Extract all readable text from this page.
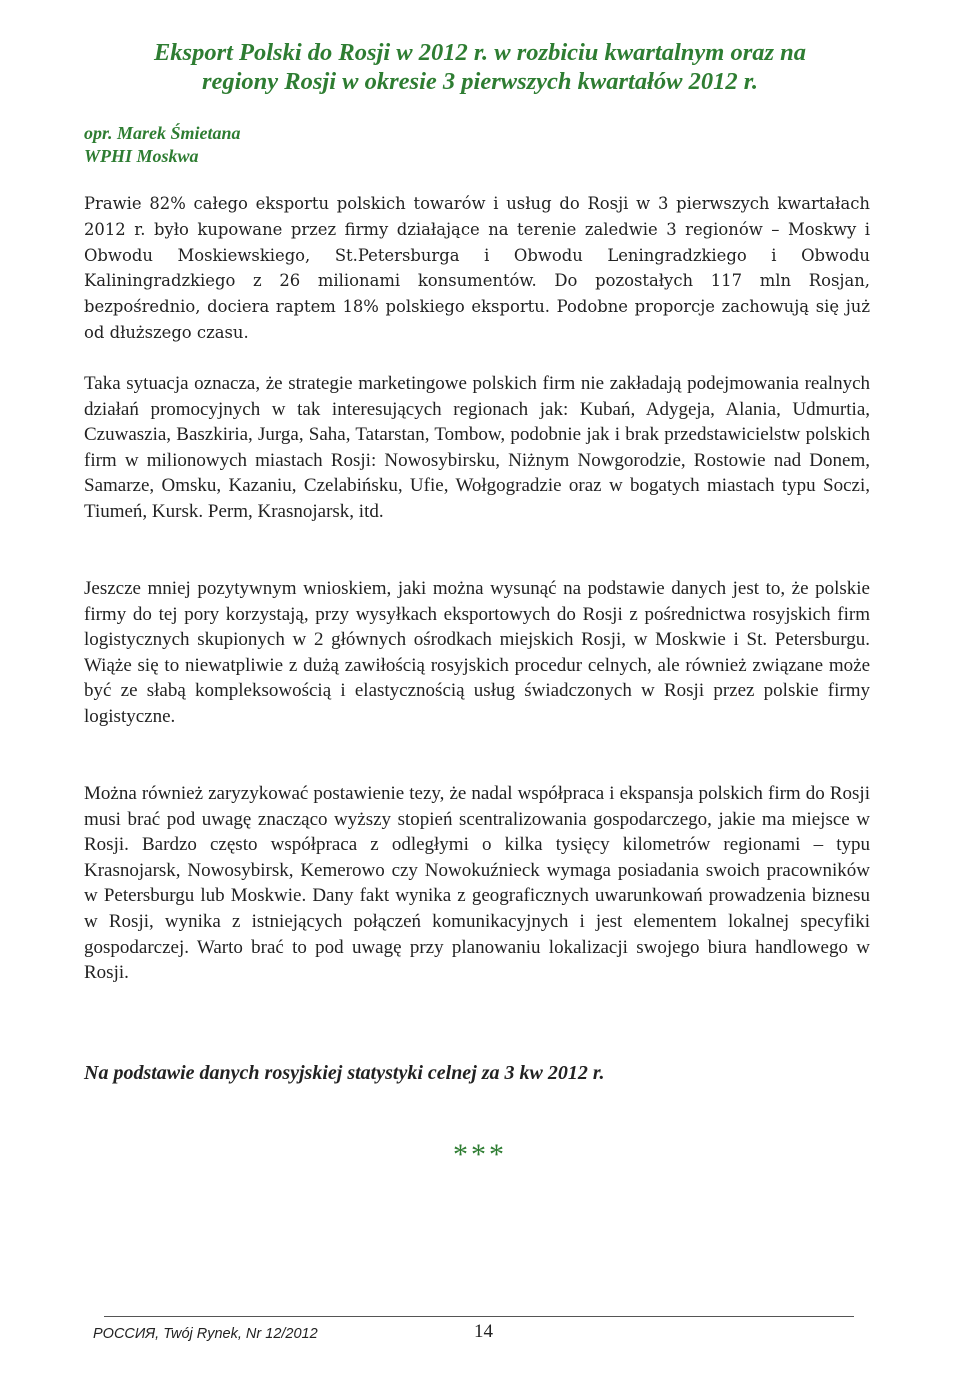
Eksport Polski do Rosji w 2012 r. w rozbiciu kwartalnym oraz na
regiony Rosji w okresie 3 pierwszych kwartałów 2012 r.
opr. Marek Śmietana
WPHI Moskwa

Prawie 82% całego eksportu polskich towarów i usług do Rosji w 3 pierwszych kwartałach 2012 r. było kupowane przez firmy działające na terenie zaledwie 3 regionów – Moskwy i Obwodu Moskiewskiego, St.Petersburga i Obwodu Leningradzkiego i Obwodu Kaliningradzkiego z 26 milionami konsumentów. Do pozostałych 117 mln Rosjan, bezpośrednio, dociera raptem 18% polskiego eksportu. Podobne proporcje zachowują się już od dłuższego czasu.

Taka sytuacja oznacza, że strategie marketingowe polskich firm nie zakładają podejmowania realnych działań promocyjnych w tak interesujących regionach jak: Kubań, Adygeja, Alania, Udmurtia, Czuwaszia, Baszkiria, Jurga, Saha, Tatarstan, Tombow, podobnie jak i brak przedstawicielstw polskich firm w milionowych miastach Rosji: Nowosybirsku, Niżnym Nowgorodzie, Rostowie nad Donem, Samarze, Omsku, Kazaniu, Czelabińsku, Ufie, Wołgogradzie oraz w bogatych miastach typu Soczi, Tiumeń, Kursk. Perm, Krasnojarsk, itd.

Jeszcze mniej pozytywnym wnioskiem, jaki można wysunąć na podstawie danych jest to, że polskie firmy do tej pory korzystają, przy wysyłkach eksportowych do Rosji z pośrednictwa rosyjskich firm logistycznych skupionych w 2 głównych ośrodkach miejskich Rosji, w Moskwie i St. Petersburgu. Wiąże się to niewatpliwie z dużą zawiłością rosyjskich procedur celnych, ale również związane może być ze słabą kompleksowością i elastycznością usług świadczonych w Rosji przez polskie firmy logistyczne.

Można również zaryzykować postawienie tezy, że nadal współpraca i ekspansja polskich firm do Rosji musi brać pod uwagę znacząco wyższy stopień scentralizowania gospodarczego, jakie ma miejsce w Rosji. Bardzo często współpraca z odległymi o kilka tysięcy kilometrów regionami – typu Krasnojarsk, Nowosybirsk, Kemerowo czy Nowokuźnieck wymaga posiadania swoich pracowników w Petersburgu lub Moskwie. Dany fakt wynika z geograficznych uwarunkowań prowadzenia biznesu w Rosji, wynika z istniejących połączeń komunikacyjnych i jest elementem lokalnej specyfiki gospodarczej. Warto brać to pod uwagę przy planowaniu lokalizacji swojego biura handlowego w Rosji.

Na podstawie danych rosyjskiej statystyki celnej za 3 kw 2012 r.
***
РОССИЯ, Twój Rynek, Nr 12/2012	14
